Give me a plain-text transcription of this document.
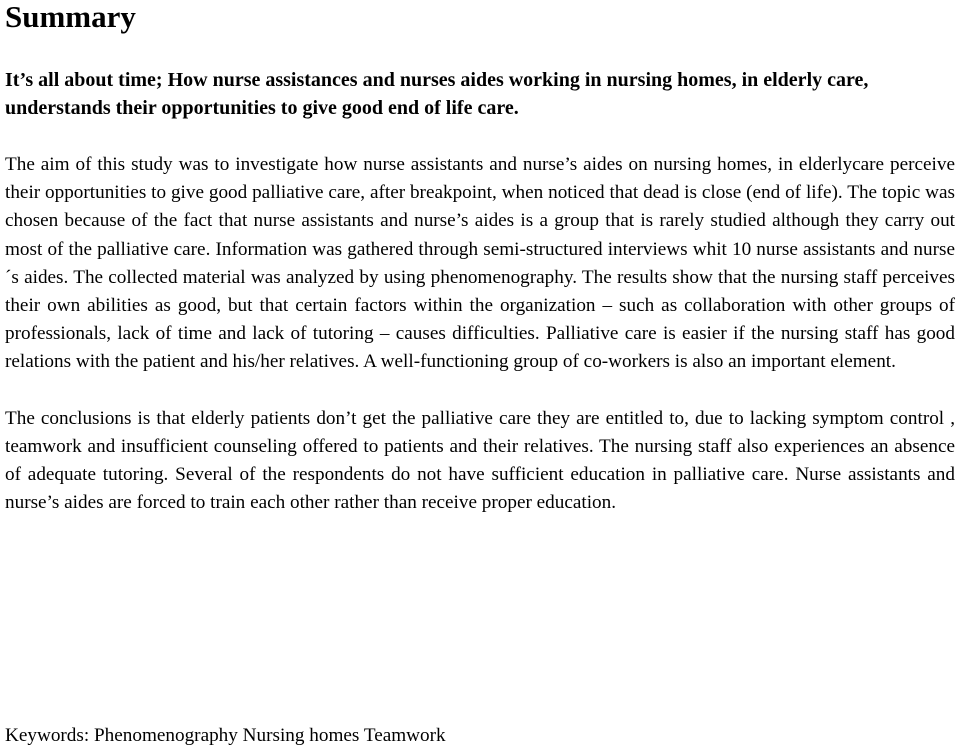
Summary

It’s all about time; How nurse assistances and nurses aides working in nursing homes, in elderly care, understands their opportunities to give good end of life care.

The aim of this study was to investigate how nurse assistants and nurse’s aides on nursing homes, in elderlycare perceive their opportunities to give good palliative care, after breakpoint, when noticed that dead is close (end of life). The topic was chosen because of the fact that nurse assistants and nurse’s aides is a group that is rarely studied although they carry out most of the palliative care. Information was gathered through semi-structured interviews whit 10 nurse assistants and nurse´s aides. The collected material was analyzed by using phenomenography. The results show that the nursing staff perceives their own abilities as good, but that certain factors within the organization – such as collaboration with other groups of professionals, lack of time and lack of tutoring – causes difficulties. Palliative care is easier if the nursing staff has good relations with the patient and his/her relatives. A well-functioning group of co-workers is also an important element.

The conclusions is that elderly patients don’t get the palliative care they are entitled to, due to lacking symptom control , teamwork and insufficient counseling offered to patients and their relatives. The nursing staff also experiences an absence of adequate tutoring. Several of the respondents do not have sufficient education in palliative care. Nurse assistants and nurse’s aides are forced to train each other rather than receive proper education.

Keywords: Phenomenography Nursing homes Teamwork
